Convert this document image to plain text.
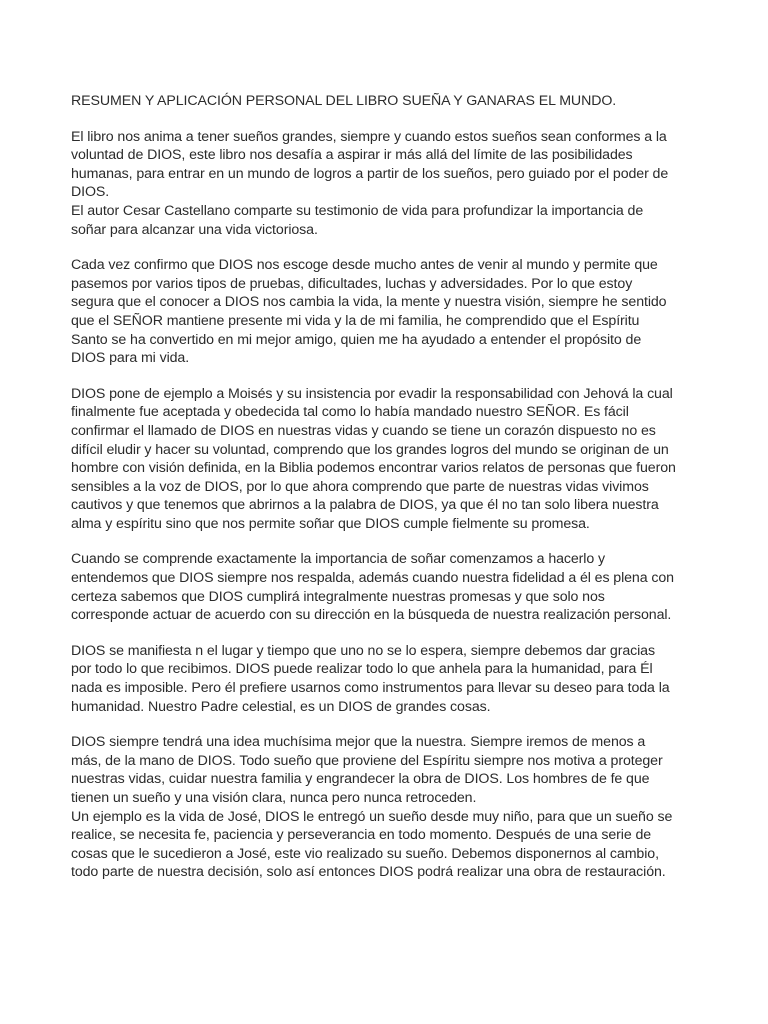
RESUMEN Y APLICACIÓN PERSONAL DEL LIBRO SUEÑA Y GANARAS EL MUNDO.
El libro nos anima a tener sueños grandes, siempre y cuando estos sueños sean conformes a la
voluntad de DIOS, este libro nos desafía a aspirar ir más allá del límite de las posibilidades
humanas, para entrar en un mundo de logros a partir de los sueños, pero guiado por el poder de
DIOS.
El autor Cesar Castellano comparte su testimonio de vida para profundizar la importancia de
soñar para alcanzar una vida victoriosa.
Cada vez confirmo que DIOS nos escoge desde mucho antes de venir al mundo y permite que
pasemos por varios tipos de pruebas, dificultades, luchas y adversidades. Por lo que estoy
segura que el conocer a DIOS nos cambia la vida, la mente y nuestra visión, siempre he sentido
que el SEÑOR mantiene presente mi vida y la de mi familia, he comprendido que el Espíritu
Santo se ha convertido en mi mejor amigo, quien me ha ayudado a entender el propósito de
DIOS para mi vida.
DIOS pone de ejemplo a Moisés y su insistencia por evadir la responsabilidad con Jehová la cual
finalmente fue aceptada y obedecida tal como lo había mandado nuestro SEÑOR. Es fácil
confirmar el llamado de DIOS en nuestras vidas y cuando se tiene un corazón dispuesto no es
difícil eludir y hacer su voluntad, comprendo que los grandes logros del mundo se originan de un
hombre con visión definida, en la Biblia podemos encontrar varios relatos de personas que fueron
sensibles a la voz de DIOS, por lo que ahora comprendo que parte de nuestras vidas vivimos
cautivos y que tenemos que abrirnos a la palabra de DIOS, ya que él no tan solo libera nuestra
alma y espíritu sino que nos permite soñar que DIOS cumple fielmente su promesa.
Cuando se comprende exactamente la importancia de soñar comenzamos a hacerlo y
entendemos que DIOS siempre nos respalda, además cuando nuestra fidelidad a él es plena con
certeza sabemos que DIOS cumplirá integralmente nuestras promesas y que solo nos
corresponde actuar de acuerdo con su dirección en la búsqueda de nuestra realización personal.
DIOS se manifiesta n el lugar y tiempo que uno no se lo espera, siempre debemos dar gracias
por todo lo que recibimos. DIOS puede realizar todo lo que anhela para la humanidad, para Él
nada es imposible. Pero él prefiere usarnos como instrumentos para llevar su deseo para toda la
humanidad. Nuestro Padre celestial, es un DIOS de grandes cosas.
DIOS siempre tendrá una idea muchísima mejor que la nuestra. Siempre iremos de menos a
más, de la mano de DIOS. Todo sueño que proviene del Espíritu siempre nos motiva a proteger
nuestras vidas, cuidar nuestra familia y engrandecer la obra de DIOS. Los hombres de fe que
tienen un sueño y una visión clara, nunca pero nunca retroceden.
Un ejemplo es la vida de José, DIOS le entregó un sueño desde muy niño, para que un sueño se
realice, se necesita fe, paciencia y perseverancia en todo momento. Después de una serie de
cosas que le sucedieron a José, este vio realizado su sueño. Debemos disponernos al cambio,
todo parte de nuestra decisión, solo así entonces DIOS podrá realizar una obra de restauración.
